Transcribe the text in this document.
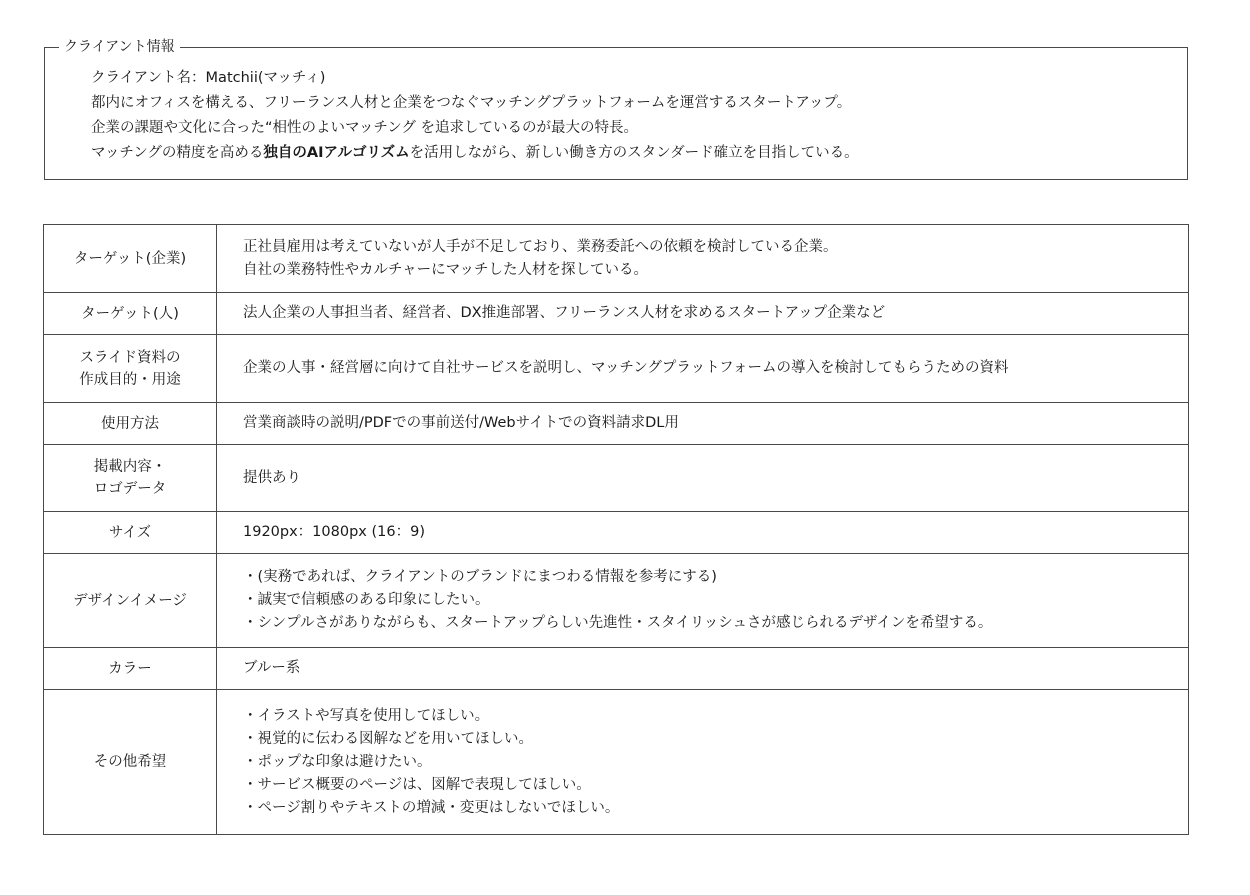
クライアント情報
クライアント名：Matchii(マッチィ)
都内にオフィスを構える、フリーランス人材と企業をつなぐマッチングプラットフォームを運営するスタートアップ。
企業の課題や文化に合った“相性のよいマッチング を追求しているのが最大の特長。
マッチングの精度を高める独自のAIアルゴリズムを活用しながら、新しい働き方のスタンダード確立を目指している。
ターゲット(企業)	正社員雇用は考えていないが人手が不足しており、業務委託への依頼を検討している企業。
自社の業務特性やカルチャーにマッチした人材を探している。

ターゲット(人)	法人企業の人事担当者、経営者、DX推進部署、フリーランス人材を求めるスタートアップ企業など

スライド資料の
作成目的・用途	企業の人事・経営層に向けて自社サービスを説明し、マッチングプラットフォームの導入を検討してもらうための資料

使用方法	営業商談時の説明/PDFでの事前送付/Webサイトでの資料請求DL用

掲載内容・
ロゴデータ	提供あり

サイズ	1920px：1080px (16：9)

デザインイメージ	・(実務であれば、クライアントのブランドにまつわる情報を参考にする)
・誠実で信頼感のある印象にしたい。
・シンプルさがありながらも、スタートアップらしい先進性・スタイリッシュさが感じられるデザインを希望する。

カラー	ブルー系

その他希望	・イラストや写真を使用してほしい。
・視覚的に伝わる図解などを用いてほしい。
・ポップな印象は避けたい。
・サービス概要のページは、図解で表現してほしい。
・ページ割りやテキストの増減・変更はしないでほしい。
